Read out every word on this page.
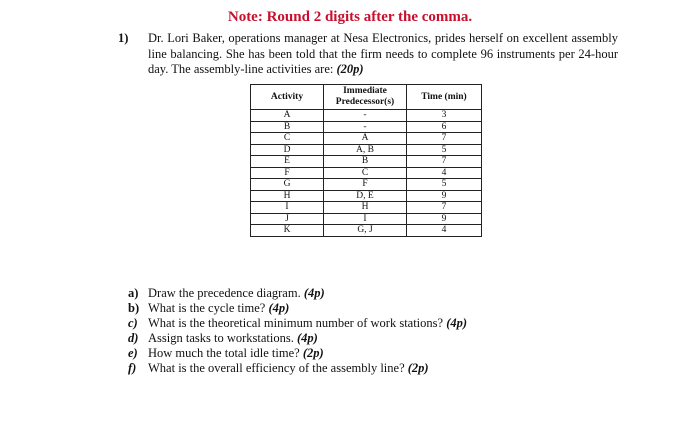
Note: Round 2 digits after the comma.
1) Dr. Lori Baker, operations manager at Nesa Electronics, prides herself on excellent assembly line balancing. She has been told that the firm needs to complete 96 instruments per 24-hour day. The assembly-line activities are: (20p)
Activity	Immediate Predecessor(s)	Time (min)
A	-	3
B	-	6
C	A	7
D	A, B	5
E	B	7
F	C	4
G	F	5
H	D, E	9
I	H	7
J	I	9
K	G, J	4
a) Draw the precedence diagram. (4p)
b) What is the cycle time? (4p)
c) What is the theoretical minimum number of work stations? (4p)
d) Assign tasks to workstations. (4p)
e) How much the total idle time? (2p)
f) What is the overall efficiency of the assembly line? (2p)
